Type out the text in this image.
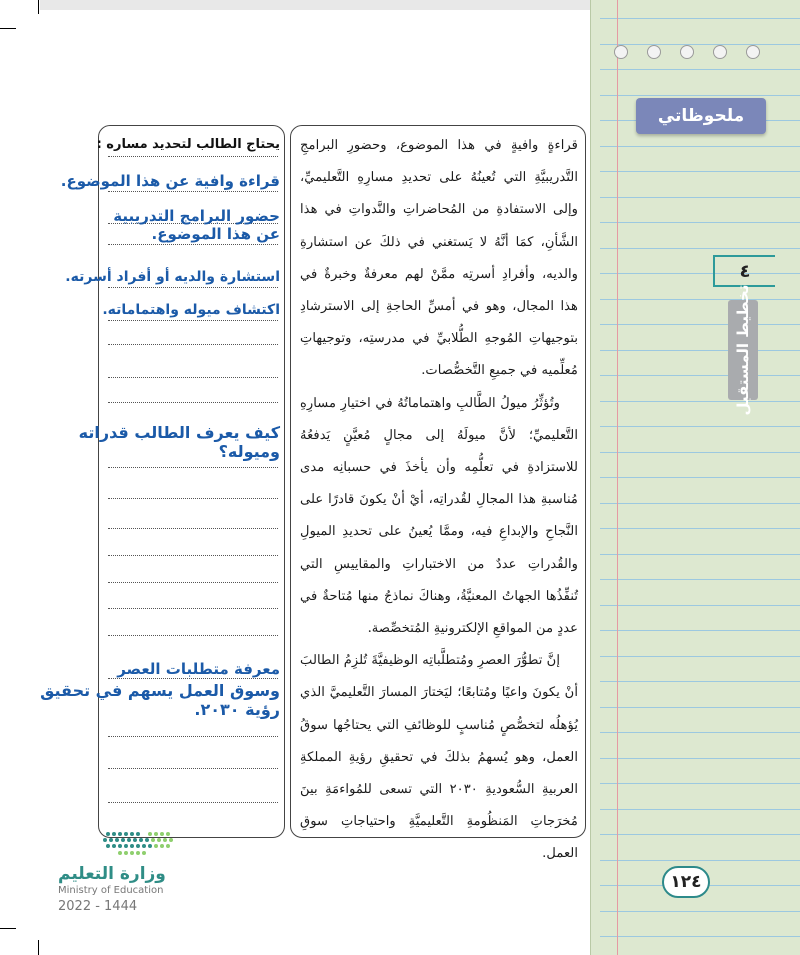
ملحوظاتي
٤
تخطيط المستقبل

قراءةٍ وافيةٍ في هذا الموضوع، وحضورِ البرامجِ التَّدريبيَّةِ التي تُعينُهُ على تحديدِ مسارِهِ التَّعليميِّ، وإلى الاستفادةِ من المُحاضراتِ والنَّدواتِ في هذا الشَّأنِ، كمَا أنَّهُ لا يَستغني في ذلكَ عن استشارةِ والديه، وأفرادِ أسرتِه ممَّنْ لهم معرفةٌ وخبرةٌ في هذا المجال، وهو في أمسِّ الحاجةِ إلى الاسترشادِ بتوجيهاتِ المُوجهِ الطُّلابيِّ في مدرستِه، وتوجيهاتِ مُعلِّميه في جميعِ التَّخصُّصات.

وتُؤثِّرُ ميولُ الطَّالبِ واهتماماتُهُ في اختيارِ مسارِهِ التَّعليميِّ؛ لأنَّ ميولَهُ إلى مجالٍ مُعيَّنٍ يَدفعُهُ للاستزادةِ في تعلُّمِه وأن يأخذَ في حسبانِه مدى مُناسبةِ هذا المجالِ لقُدراتِه، أيْ أنْ يكونَ قادرًا على النَّجاحِ والإبداعِ فيه، وممَّا يُعينُ على تحديدِ الميولِ والقُدراتِ عددٌ من الاختباراتِ والمقاييسِ التي تُنفِّذُها الجهاتُ المعنيَّةُ، وهناكَ نماذجُ منها مُتاحةٌ في عددٍ من المواقعِ الإلكترونيةِ المُتخصِّصة.

إنَّ تطوُّرَ العصرِ ومُتطلَّباتِه الوظيفيَّةَ تُلزِمُ الطالبَ أنْ يكونَ واعيًا ومُتابعًا؛ ليَختارَ المسارَ التَّعليميَّ الذي يُؤهلُه لتخصُّصٍ مُناسبٍ للوظائفِ التي يحتاجُها سوقُ العمل، وهو يُسهمُ بذلكَ في تحقيقِ رؤيةِ المملكةِ العربيةِ السُّعوديةِ ٢٠٣٠ التي تسعى للمُواءمَةِ بينَ مُخرَجاتِ المَنظُومةِ التَّعليميَّةِ واحتياجاتِ سوقِ العمل.

يحتاج الطالب لتحديد مساره :
قراءة وافية عن هذا الموضوع.
حضور البرامج التدريبية
عن هذا الموضوع.
استشارة والديه أو أفراد أسرته.
اكتشاف ميوله واهتماماته.
كيف يعرف الطالب قدراته
وميوله؟
معرفة متطلبات العصر
وسوق العمل يسهم في تحقيق
رؤية ٢٠٣٠.
وزارة التعليم
Ministry of Education
2022 - 1444
١٢٤
